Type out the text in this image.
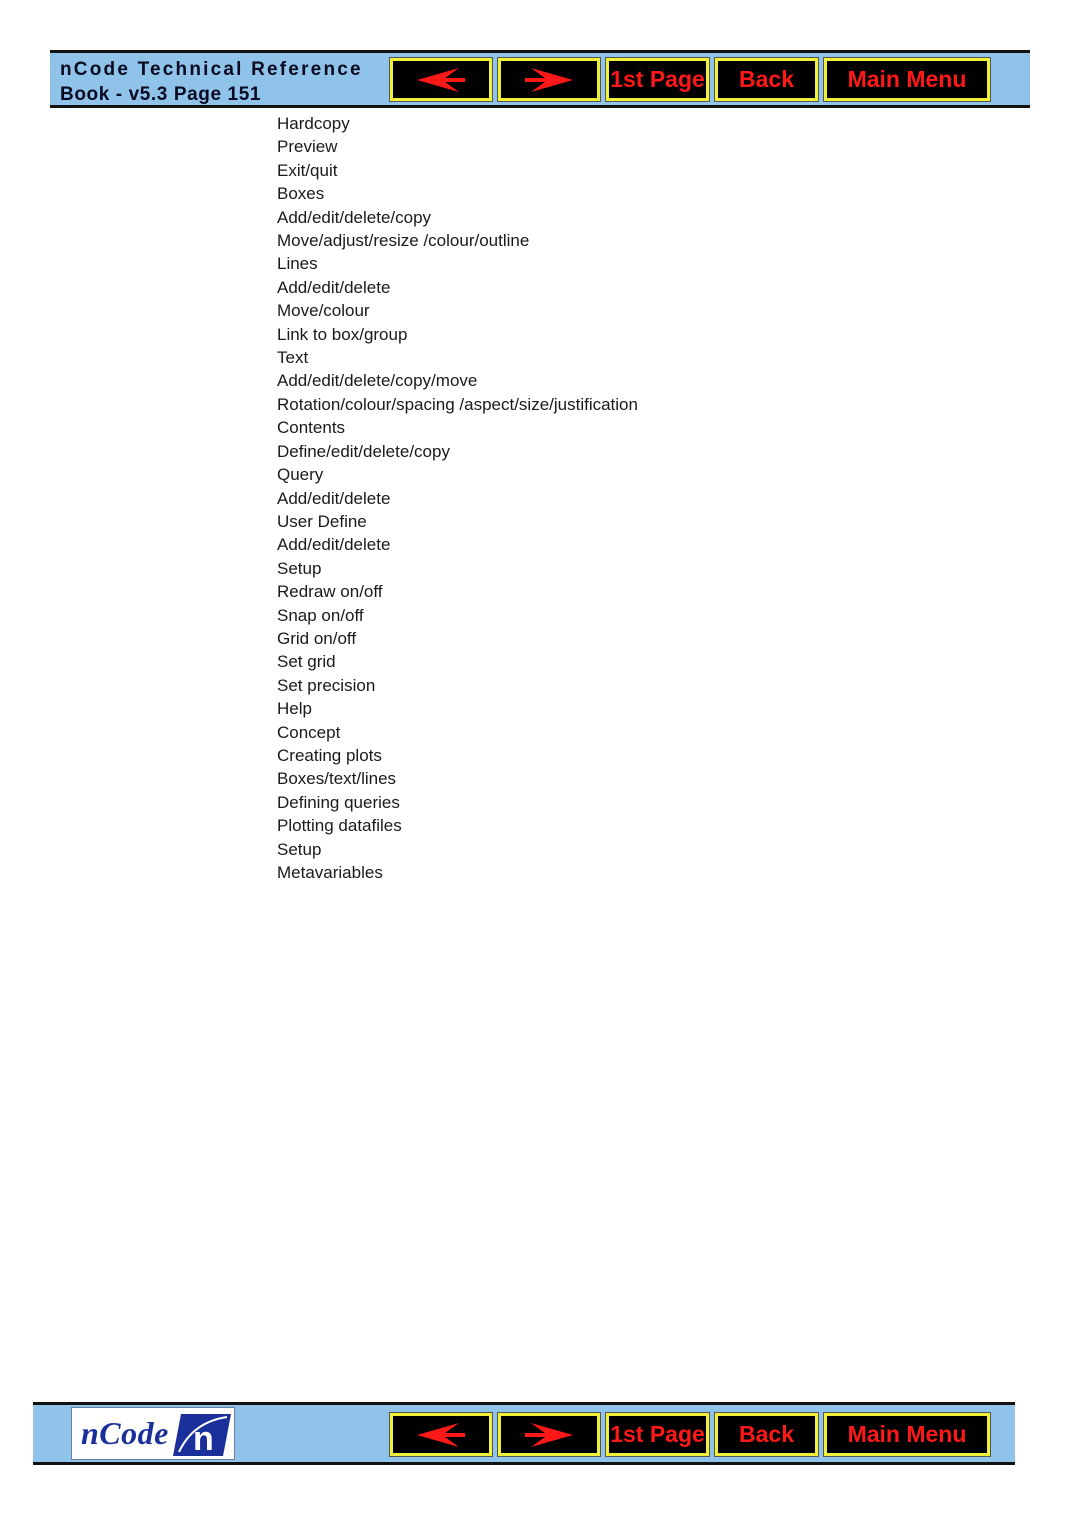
nCode Technical Reference
Book - v5.3 Page 151
1st Page Back Main Menu
Hardcopy
Preview
Exit/quit
Boxes
Add/edit/delete/copy
Move/adjust/resize /colour/outline
Lines
Add/edit/delete
Move/colour
Link to box/group
Text
Add/edit/delete/copy/move
Rotation/colour/spacing /aspect/size/justification
Contents
Define/edit/delete/copy
Query
Add/edit/delete
User Define
Add/edit/delete
Setup
Redraw on/off
Snap on/off
Grid on/off
Set grid
Set precision
Help
Concept
Creating plots
Boxes/text/lines
Defining queries
Plotting datafiles
Setup
Metavariables
nCode n	1st Page Back Main Menu
